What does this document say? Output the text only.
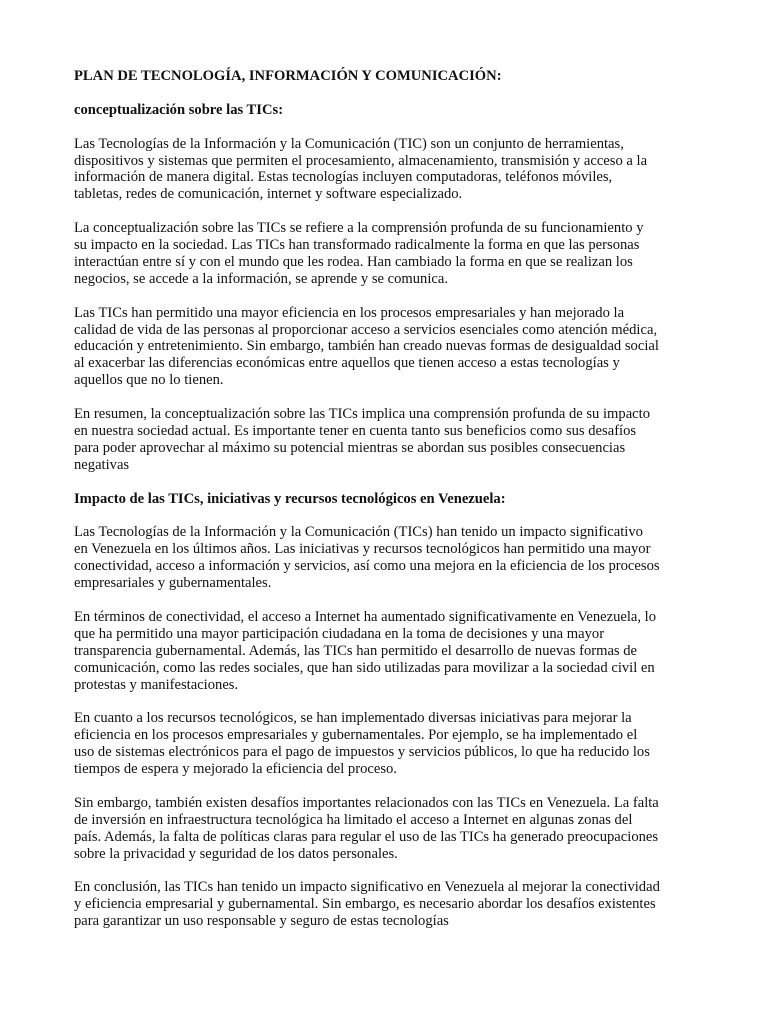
PLAN DE TECNOLOGÍA, INFORMACIÓN Y COMUNICACIÓN:
conceptualización sobre las TICs:

Las Tecnologías de la Información y la Comunicación (TIC) son un conjunto de herramientas,
dispositivos y sistemas que permiten el procesamiento, almacenamiento, transmisión y acceso a la
información de manera digital. Estas tecnologías incluyen computadoras, teléfonos móviles,
tabletas, redes de comunicación, internet y software especializado.

La conceptualización sobre las TICs se refiere a la comprensión profunda de su funcionamiento y
su impacto en la sociedad. Las TICs han transformado radicalmente la forma en que las personas
interactúan entre sí y con el mundo que les rodea. Han cambiado la forma en que se realizan los
negocios, se accede a la información, se aprende y se comunica.

Las TICs han permitido una mayor eficiencia en los procesos empresariales y han mejorado la
calidad de vida de las personas al proporcionar acceso a servicios esenciales como atención médica,
educación y entretenimiento. Sin embargo, también han creado nuevas formas de desigualdad social
al exacerbar las diferencias económicas entre aquellos que tienen acceso a estas tecnologías y
aquellos que no lo tienen.

En resumen, la conceptualización sobre las TICs implica una comprensión profunda de su impacto
en nuestra sociedad actual. Es importante tener en cuenta tanto sus beneficios como sus desafíos
para poder aprovechar al máximo su potencial mientras se abordan sus posibles consecuencias
negativas

Impacto de las TICs, iniciativas y recursos tecnológicos en Venezuela:

Las Tecnologías de la Información y la Comunicación (TICs) han tenido un impacto significativo
en Venezuela en los últimos años. Las iniciativas y recursos tecnológicos han permitido una mayor
conectividad, acceso a información y servicios, así como una mejora en la eficiencia de los procesos
empresariales y gubernamentales.

En términos de conectividad, el acceso a Internet ha aumentado significativamente en Venezuela, lo
que ha permitido una mayor participación ciudadana en la toma de decisiones y una mayor
transparencia gubernamental. Además, las TICs han permitido el desarrollo de nuevas formas de
comunicación, como las redes sociales, que han sido utilizadas para movilizar a la sociedad civil en
protestas y manifestaciones.

En cuanto a los recursos tecnológicos, se han implementado diversas iniciativas para mejorar la
eficiencia en los procesos empresariales y gubernamentales. Por ejemplo, se ha implementado el
uso de sistemas electrónicos para el pago de impuestos y servicios públicos, lo que ha reducido los
tiempos de espera y mejorado la eficiencia del proceso.

Sin embargo, también existen desafíos importantes relacionados con las TICs en Venezuela. La falta
de inversión en infraestructura tecnológica ha limitado el acceso a Internet en algunas zonas del
país. Además, la falta de políticas claras para regular el uso de las TICs ha generado preocupaciones
sobre la privacidad y seguridad de los datos personales.

En conclusión, las TICs han tenido un impacto significativo en Venezuela al mejorar la conectividad
y eficiencia empresarial y gubernamental. Sin embargo, es necesario abordar los desafíos existentes
para garantizar un uso responsable y seguro de estas tecnologías
